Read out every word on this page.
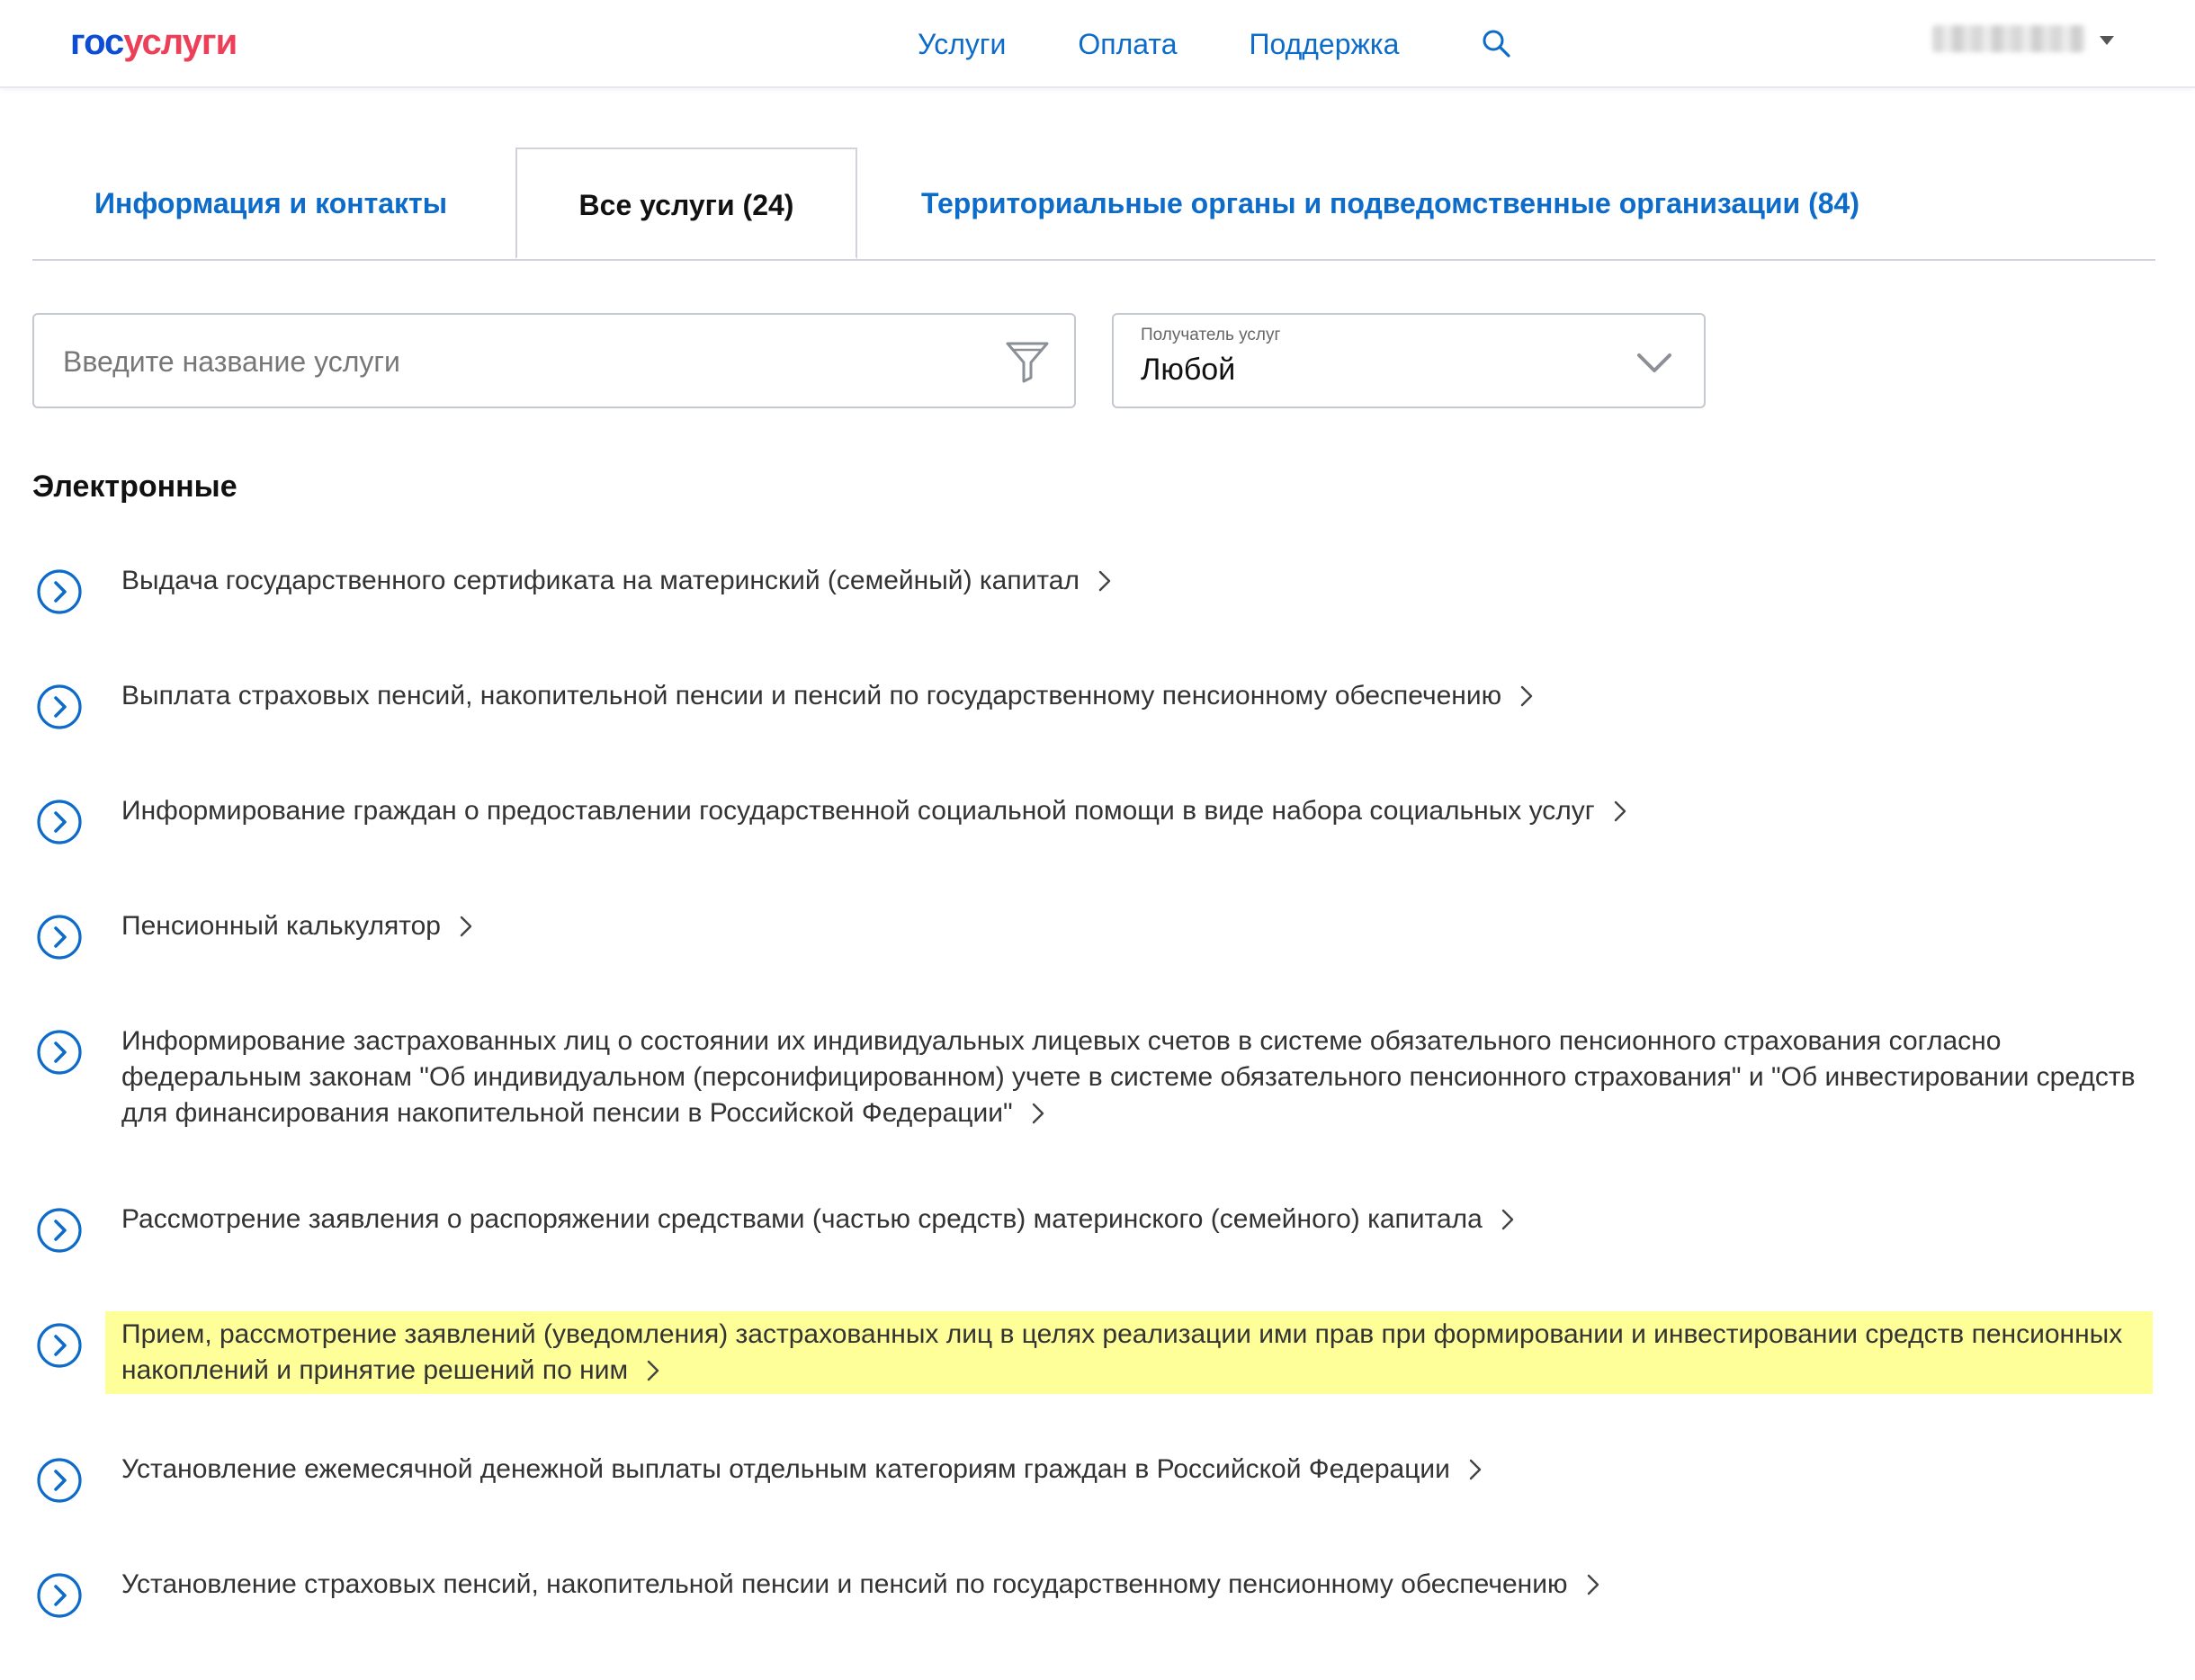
госуслуги	Услуги	Оплата	Поддержка
Информация и контакты	Все услуги (24)	Территориальные органы и подведомственные организации (84)
Введите название услуги
Получатель услуг
Любой
Электронные
Выдача государственного сертификата на материнский (семейный) капитал
Выплата страховых пенсий, накопительной пенсии и пенсий по государственному пенсионному обеспечению
Информирование граждан о предоставлении государственной социальной помощи в виде набора социальных услуг
Пенсионный калькулятор
Информирование застрахованных лиц о состоянии их индивидуальных лицевых счетов в системе обязательного пенсионного страхования согласно федеральным законам "Об индивидуальном (персонифицированном) учете в системе обязательного пенсионного страхования" и "Об инвестировании средств для финансирования накопительной пенсии в Российской Федерации"
Рассмотрение заявления о распоряжении средствами (частью средств) материнского (семейного) капитала
Прием, рассмотрение заявлений (уведомления) застрахованных лиц в целях реализации ими прав при формировании и инвестировании средств пенсионных накоплений и принятие решений по ним
Установление ежемесячной денежной выплаты отдельным категориям граждан в Российской Федерации
Установление страховых пенсий, накопительной пенсии и пенсий по государственному пенсионному обеспечению
